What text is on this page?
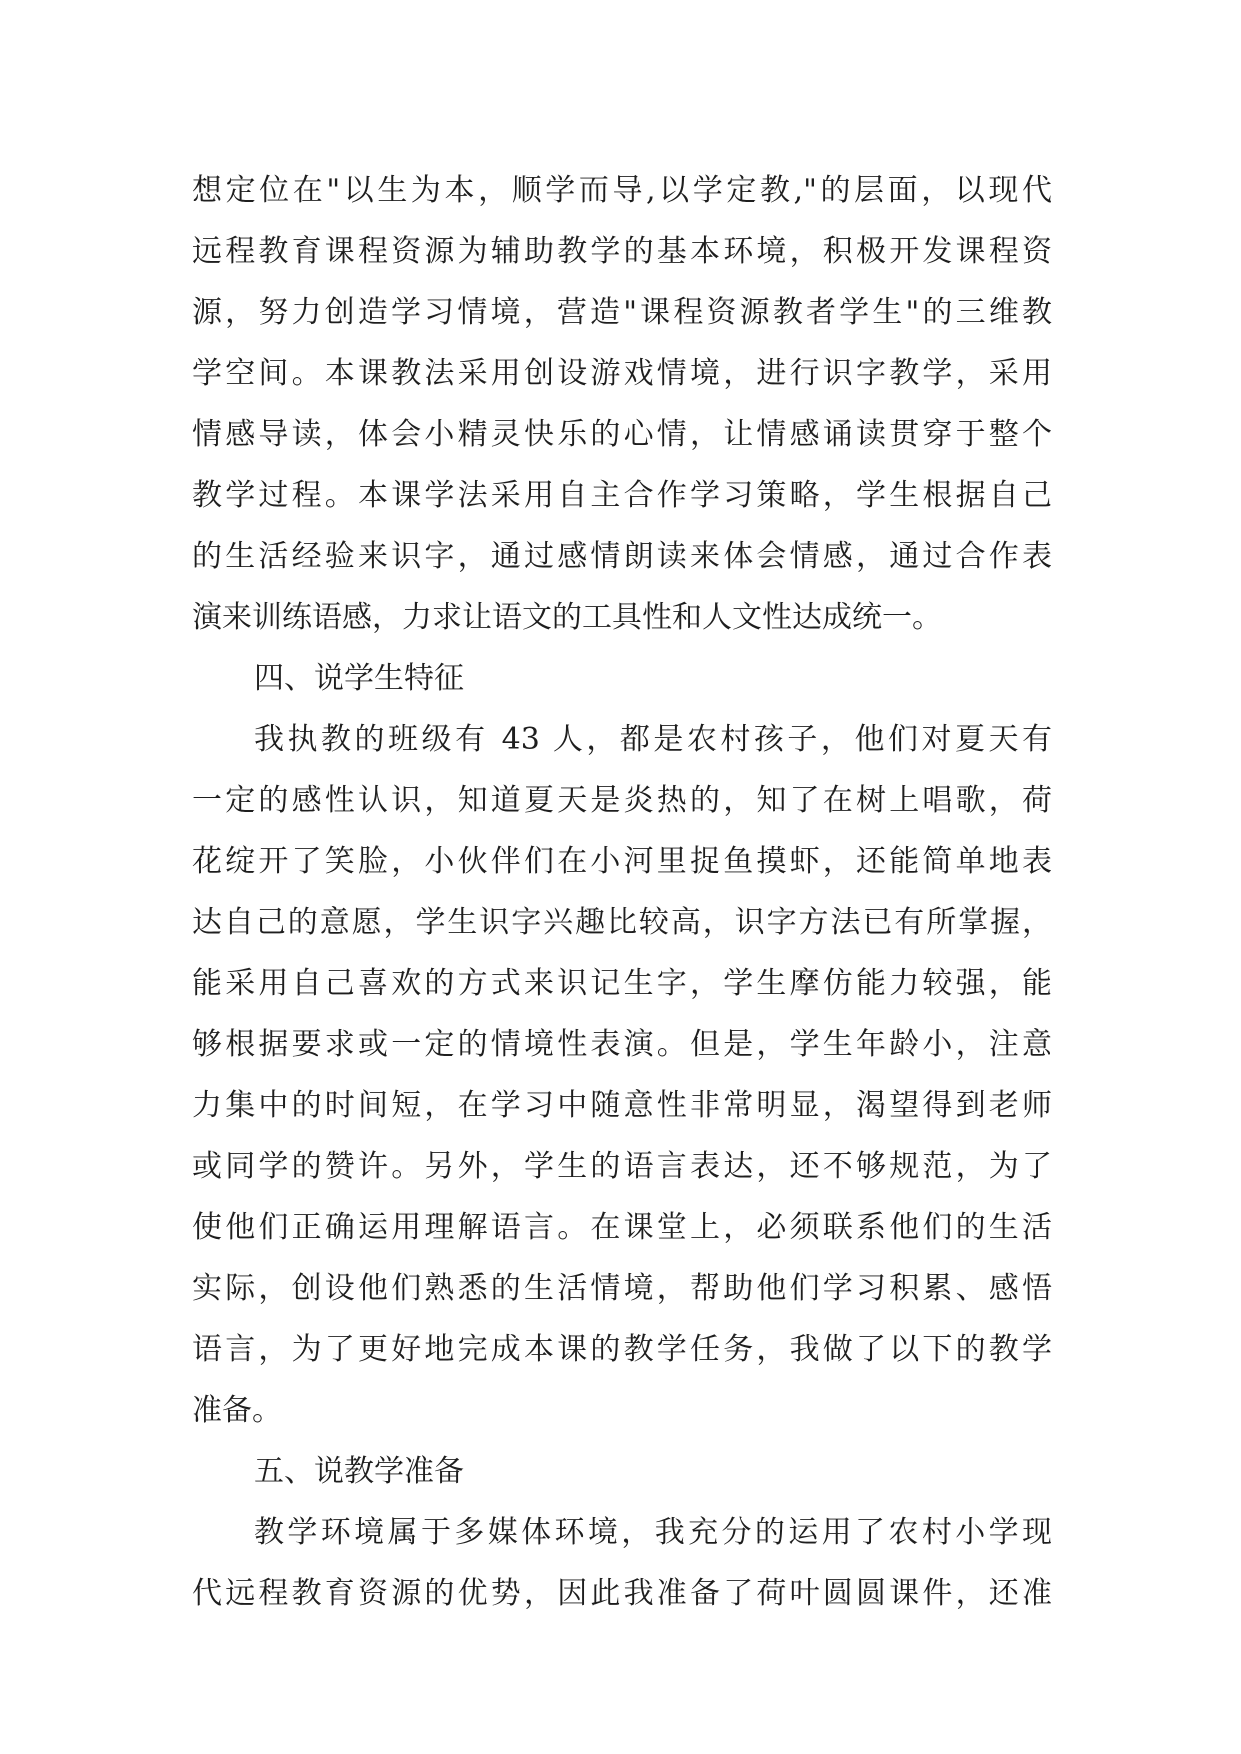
想定位在"以生为本，顺学而导,以学定教,"的层面，以现代
远程教育课程资源为辅助教学的基本环境，积极开发课程资
源，努力创造学习情境，营造"课程资源教者学生"的三维教
学空间。本课教法采用创设游戏情境，进行识字教学，采用
情感导读，体会小精灵快乐的心情，让情感诵读贯穿于整个
教学过程。本课学法采用自主合作学习策略，学生根据自己
的生活经验来识字，通过感情朗读来体会情感，通过合作表
演来训练语感，力求让语文的工具性和人文性达成统一。
四、说学生特征
我执教的班级有 43 人，都是农村孩子，他们对夏天有
一定的感性认识，知道夏天是炎热的，知了在树上唱歌，荷
花绽开了笑脸，小伙伴们在小河里捉鱼摸虾，还能简单地表
达自己的意愿，学生识字兴趣比较高，识字方法已有所掌握，
能采用自己喜欢的方式来识记生字，学生摩仿能力较强，能
够根据要求或一定的情境性表演。但是，学生年龄小，注意
力集中的时间短，在学习中随意性非常明显，渴望得到老师
或同学的赞许。另外，学生的语言表达，还不够规范，为了
使他们正确运用理解语言。在课堂上，必须联系他们的生活
实际，创设他们熟悉的生活情境，帮助他们学习积累、感悟
语言，为了更好地完成本课的教学任务，我做了以下的教学
准备。
五、说教学准备
教学环境属于多媒体环境，我充分的运用了农村小学现
代远程教育资源的优势，因此我准备了荷叶圆圆课件，还准
